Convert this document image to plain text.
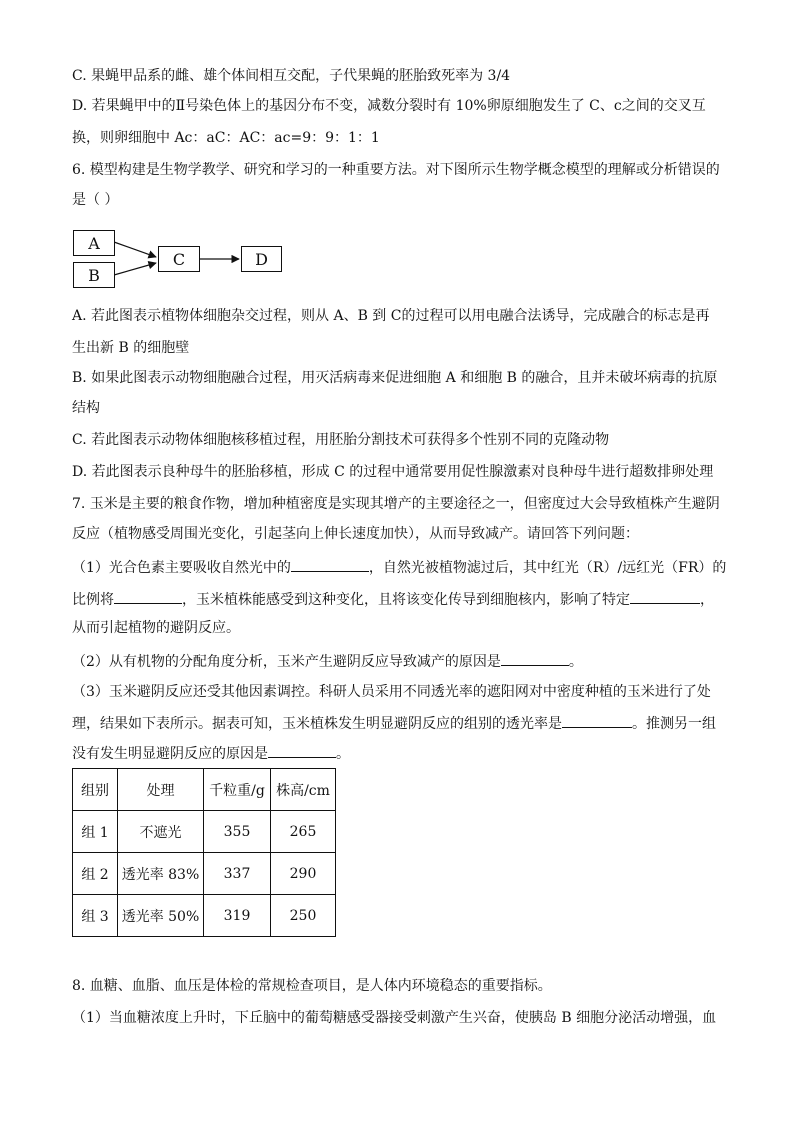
C. 果蝇甲品系的雌、雄个体间相互交配，子代果蝇的胚胎致死率为 3/4
D. 若果蝇甲中的Ⅱ号染色体上的基因分布不变，减数分裂时有 10%卵原细胞发生了 C、c之间的交叉互
换，则卵细胞中 Ac：aC：AC：ac=9：9：1：1
6. 模型构建是生物学教学、研究和学习的一种重要方法。对下图所示生物学概念模型的理解或分析错误的
是（ ）
A
B
C	D
A. 若此图表示植物体细胞杂交过程，则从 A、B 到 C的过程可以用电融合法诱导，完成融合的标志是再
生出新 B 的细胞壁
B. 如果此图表示动物细胞融合过程，用灭活病毒来促进细胞 A 和细胞 B 的融合，且并未破坏病毒的抗原
结构
C. 若此图表示动物体细胞核移植过程，用胚胎分割技术可获得多个性别不同的克隆动物
D. 若此图表示良种母牛的胚胎移植，形成 C 的过程中通常要用促性腺激素对良种母牛进行超数排卵处理
7. 玉米是主要的粮食作物，增加种植密度是实现其增产的主要途径之一，但密度过大会导致植株产生避阴
反应（植物感受周围光变化，引起茎向上伸长速度加快），从而导致减产。请回答下列问题：
（1）光合色素主要吸收自然光中的	，自然光被植物滤过后，其中红光（R）/远红光（FR）的
比例将	，玉米植株能感受到这种变化，且将该变化传导到细胞核内，影响了特定	，
从而引起植物的避阴反应。
（2）从有机物的分配角度分析，玉米产生避阴反应导致减产的原因是	。
（3）玉米避阴反应还受其他因素调控。科研人员采用不同透光率的遮阳网对中密度种植的玉米进行了处
理，结果如下表所示。据表可知，玉米植株发生明显避阴反应的组别的透光率是	。推测另一组
没有发生明显避阴反应的原因是	。
组别	处理	千粒重/g	株高/cm
组 1	不遮光	355	265
组 2	透光率 83%	337	290
组 3	透光率 50%	319	250
8. 血糖、血脂、血压是体检的常规检查项目，是人体内环境稳态的重要指标。
（1）当血糖浓度上升时，下丘脑中的葡萄糖感受器接受刺激产生兴奋，使胰岛 B 细胞分泌活动增强，血
